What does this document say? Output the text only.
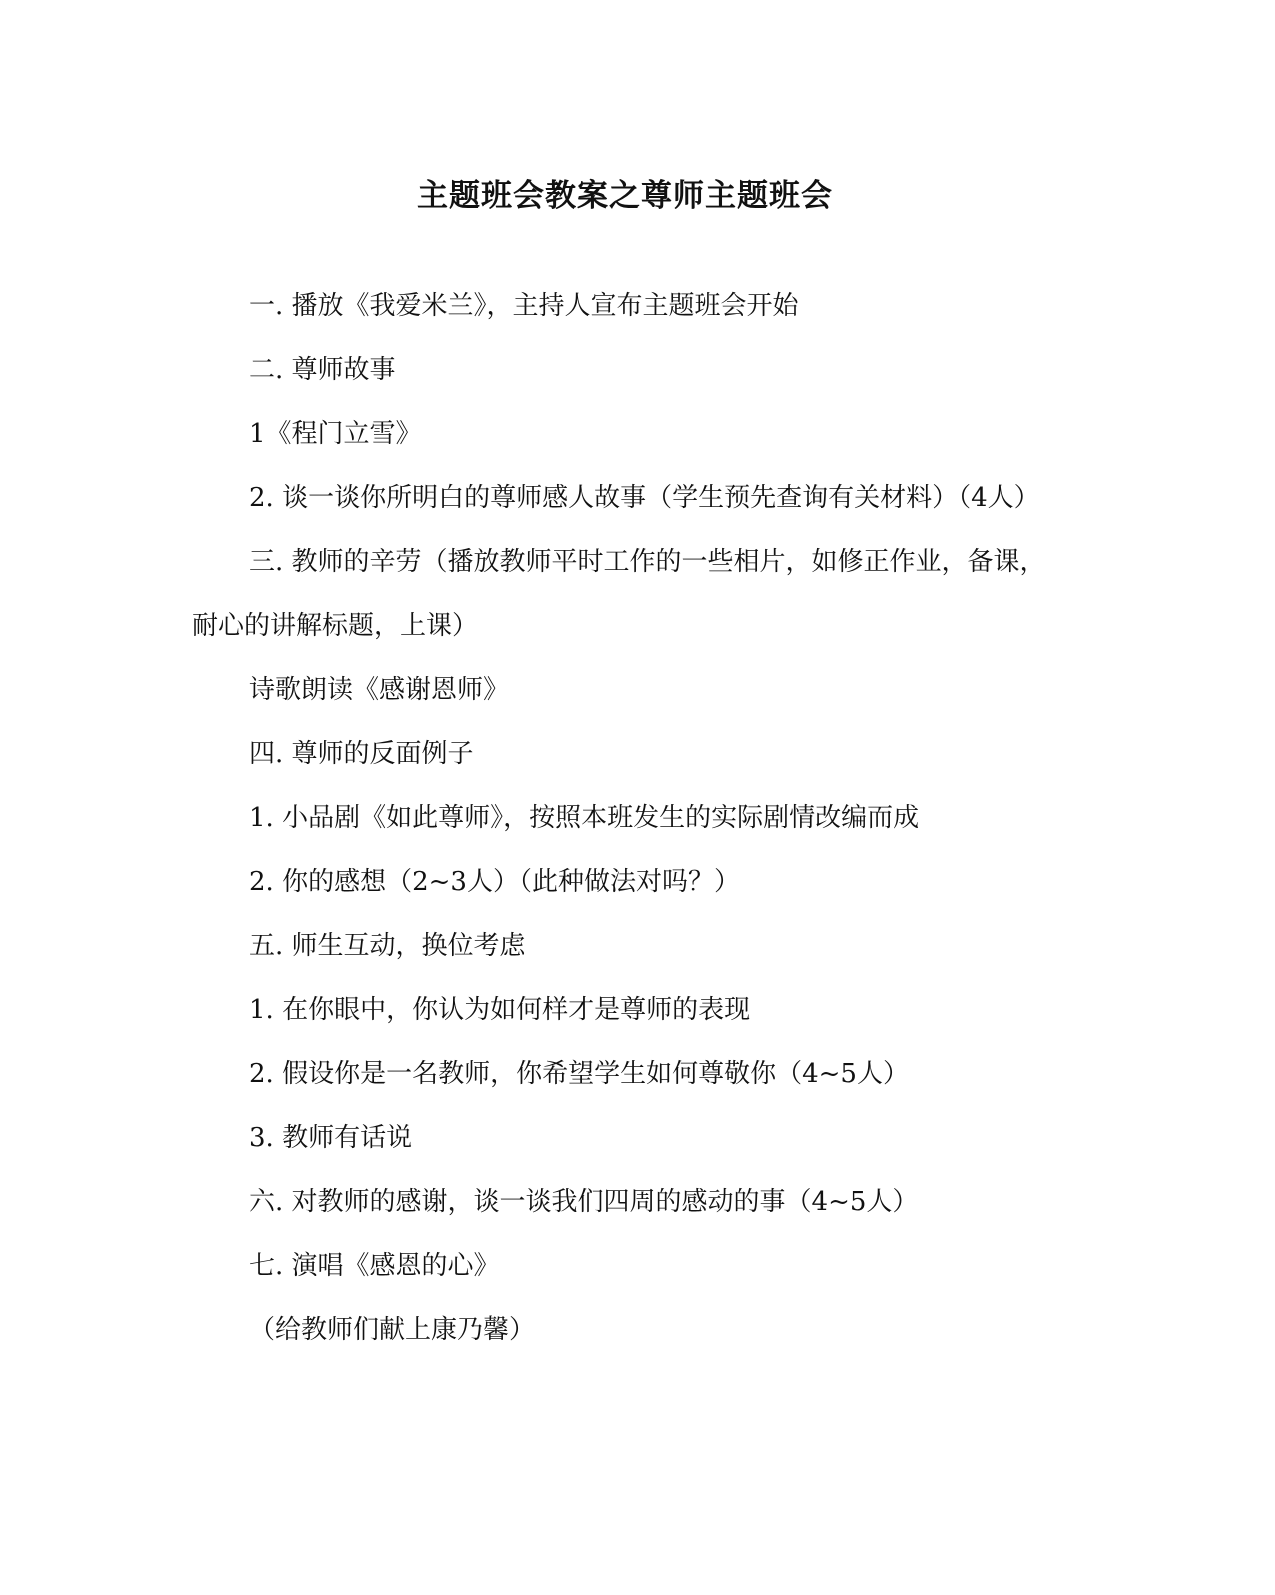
主题班会教案之尊师主题班会

一. 播放《我爱米兰》，主持人宣布主题班会开始

二. 尊师故事

1《程门立雪》

2. 谈一谈你所明白的尊师感人故事（学生预先查询有关材料）（4人）

三. 教师的辛劳（播放教师平时工作的一些相片，如修正作业，备课，耐心的讲解标题，上课）

诗歌朗读《感谢恩师》

四. 尊师的反面例子

1. 小品剧《如此尊师》，按照本班发生的实际剧情改编而成

2. 你的感想（2~3人）（此种做法对吗？）

五. 师生互动，换位考虑

1. 在你眼中，你认为如何样才是尊师的表现

2. 假设你是一名教师，你希望学生如何尊敬你（4~5人）

3. 教师有话说

六. 对教师的感谢，谈一谈我们四周的感动的事（4~5人）

七. 演唱《感恩的心》

（给教师们献上康乃馨）
